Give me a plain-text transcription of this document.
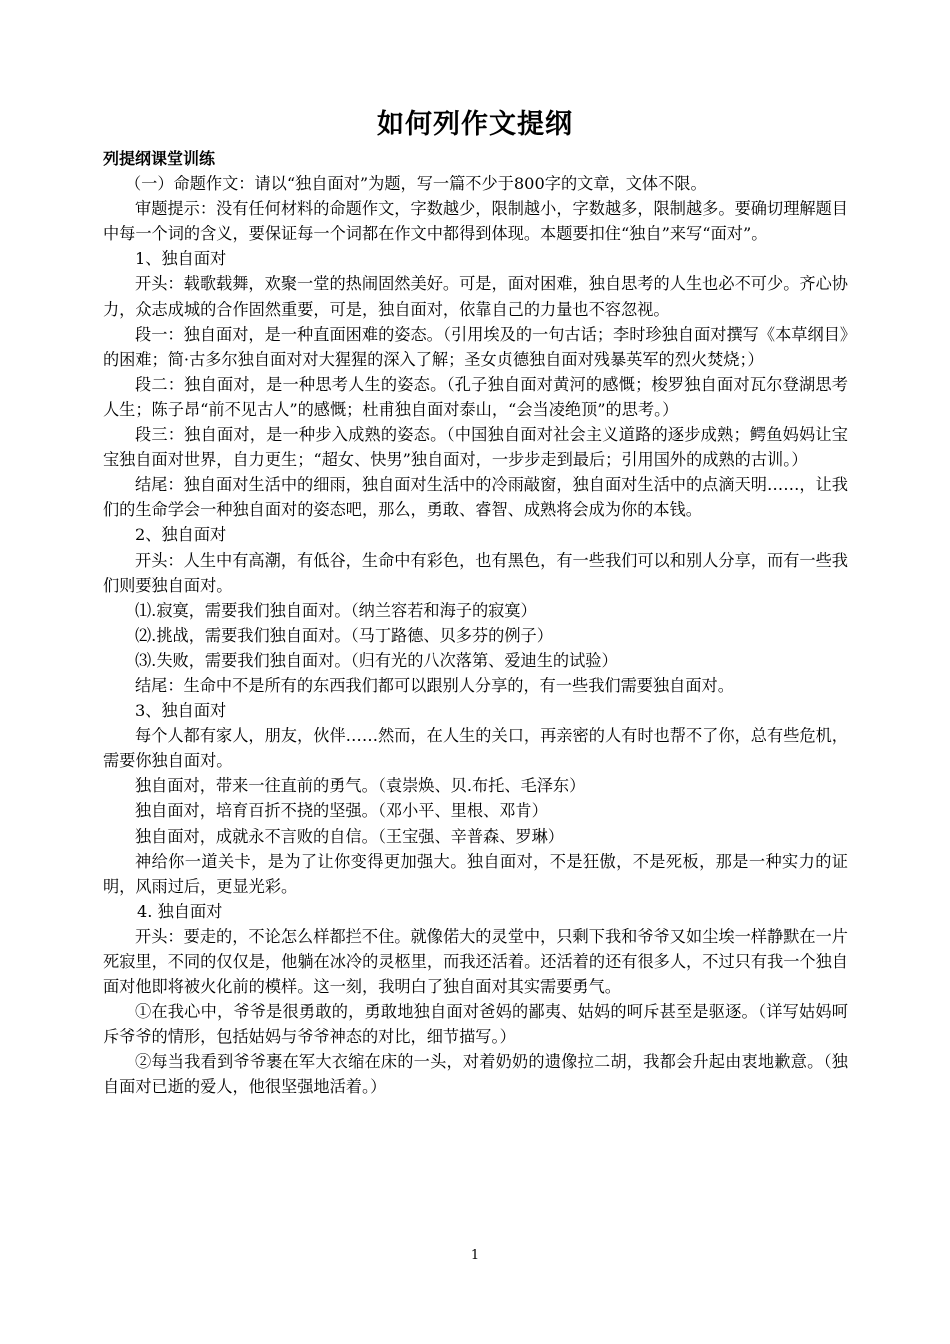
如何列作文提纲

列提纲课堂训练

（一）命题作文：请以“独自面对”为题，写一篇不少于800字的文章，文体不限。

审题提示：没有任何材料的命题作文，字数越少，限制越小，字数越多，限制越多。要确切理解题目中每一个词的含义，要保证每一个词都在作文中都得到体现。本题要扣住“独自”来写“面对”。

1、独自面对

开头：载歌载舞，欢聚一堂的热闹固然美好。可是，面对困难，独自思考的人生也必不可少。齐心协力，众志成城的合作固然重要，可是，独自面对，依靠自己的力量也不容忽视。

段一：独自面对，是一种直面困难的姿态。（引用埃及的一句古话；李时珍独自面对撰写《本草纲目》的困难；简·古多尔独自面对对大猩猩的深入了解；圣女贞德独自面对残暴英军的烈火焚烧；）

段二：独自面对，是一种思考人生的姿态。（孔子独自面对黄河的感慨；梭罗独自面对瓦尔登湖思考人生；陈子昂“前不见古人”的感慨；杜甫独自面对泰山，“会当凌绝顶”的思考。）

段三：独自面对，是一种步入成熟的姿态。（中国独自面对社会主义道路的逐步成熟；鳄鱼妈妈让宝宝独自面对世界，自力更生；“超女、快男”独自面对，一步步走到最后；引用国外的成熟的古训。）

结尾：独自面对生活中的细雨，独自面对生活中的冷雨敲窗，独自面对生活中的点滴天明……，让我们的生命学会一种独自面对的姿态吧，那么，勇敢、睿智、成熟将会成为你的本钱。

2、独自面对

开头：人生中有高潮，有低谷，生命中有彩色，也有黑色，有一些我们可以和别人分享，而有一些我们则要独自面对。

⑴.寂寞，需要我们独自面对。（纳兰容若和海子的寂寞）

⑵.挑战，需要我们独自面对。（马丁路德、贝多芬的例子）

⑶.失败，需要我们独自面对。（归有光的八次落第、爱迪生的试验）

结尾：生命中不是所有的东西我们都可以跟别人分享的，有一些我们需要独自面对。

3、独自面对

每个人都有家人，朋友，伙伴……然而，在人生的关口，再亲密的人有时也帮不了你，总有些危机，需要你独自面对。

独自面对，带来一往直前的勇气。（袁崇焕、贝.布托、毛泽东）

独自面对，培育百折不挠的坚强。（邓小平、里根、邓肯）

独自面对，成就永不言败的自信。（王宝强、辛普森、罗琳）

神给你一道关卡，是为了让你变得更加强大。独自面对，不是狂傲，不是死板，那是一种实力的证明，风雨过后，更显光彩。

4. 独自面对

开头：要走的，不论怎么样都拦不住。就像偌大的灵堂中，只剩下我和爷爷又如尘埃一样静默在一片死寂里，不同的仅仅是，他躺在冰冷的灵柩里，而我还活着。还活着的还有很多人，不过只有我一个独自面对他即将被火化前的模样。这一刻，我明白了独自面对其实需要勇气。

①在我心中，爷爷是很勇敢的，勇敢地独自面对爸妈的鄙夷、姑妈的呵斥甚至是驱逐。（详写姑妈呵斥爷爷的情形，包括姑妈与爷爷神态的对比，细节描写。）

②每当我看到爷爷裹在军大衣缩在床的一头，对着奶奶的遗像拉二胡，我都会升起由衷地歉意。（独自面对已逝的爱人，他很坚强地活着。）

1
